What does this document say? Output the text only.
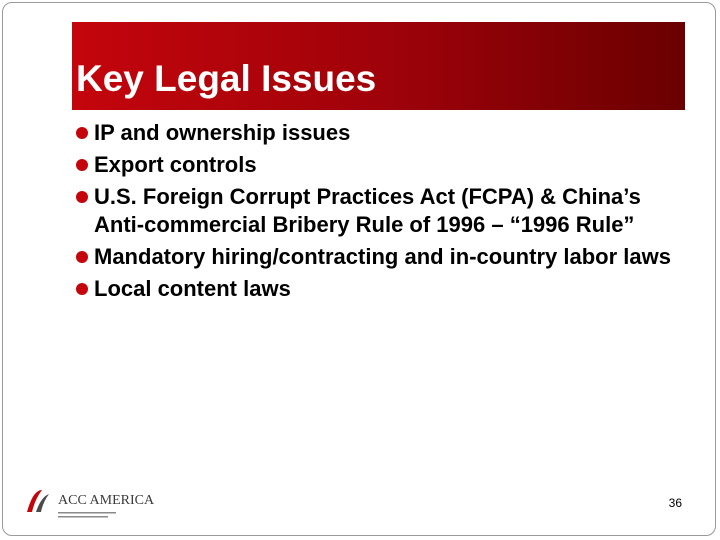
Key Legal Issues
IP and ownership issues
Export controls
U.S. Foreign Corrupt Practices Act (FCPA) & China’s Anti-commercial Bribery Rule of 1996 – “1996 Rule”
Mandatory hiring/contracting and in-country labor laws
Local content laws
ACC AMERICA	36
